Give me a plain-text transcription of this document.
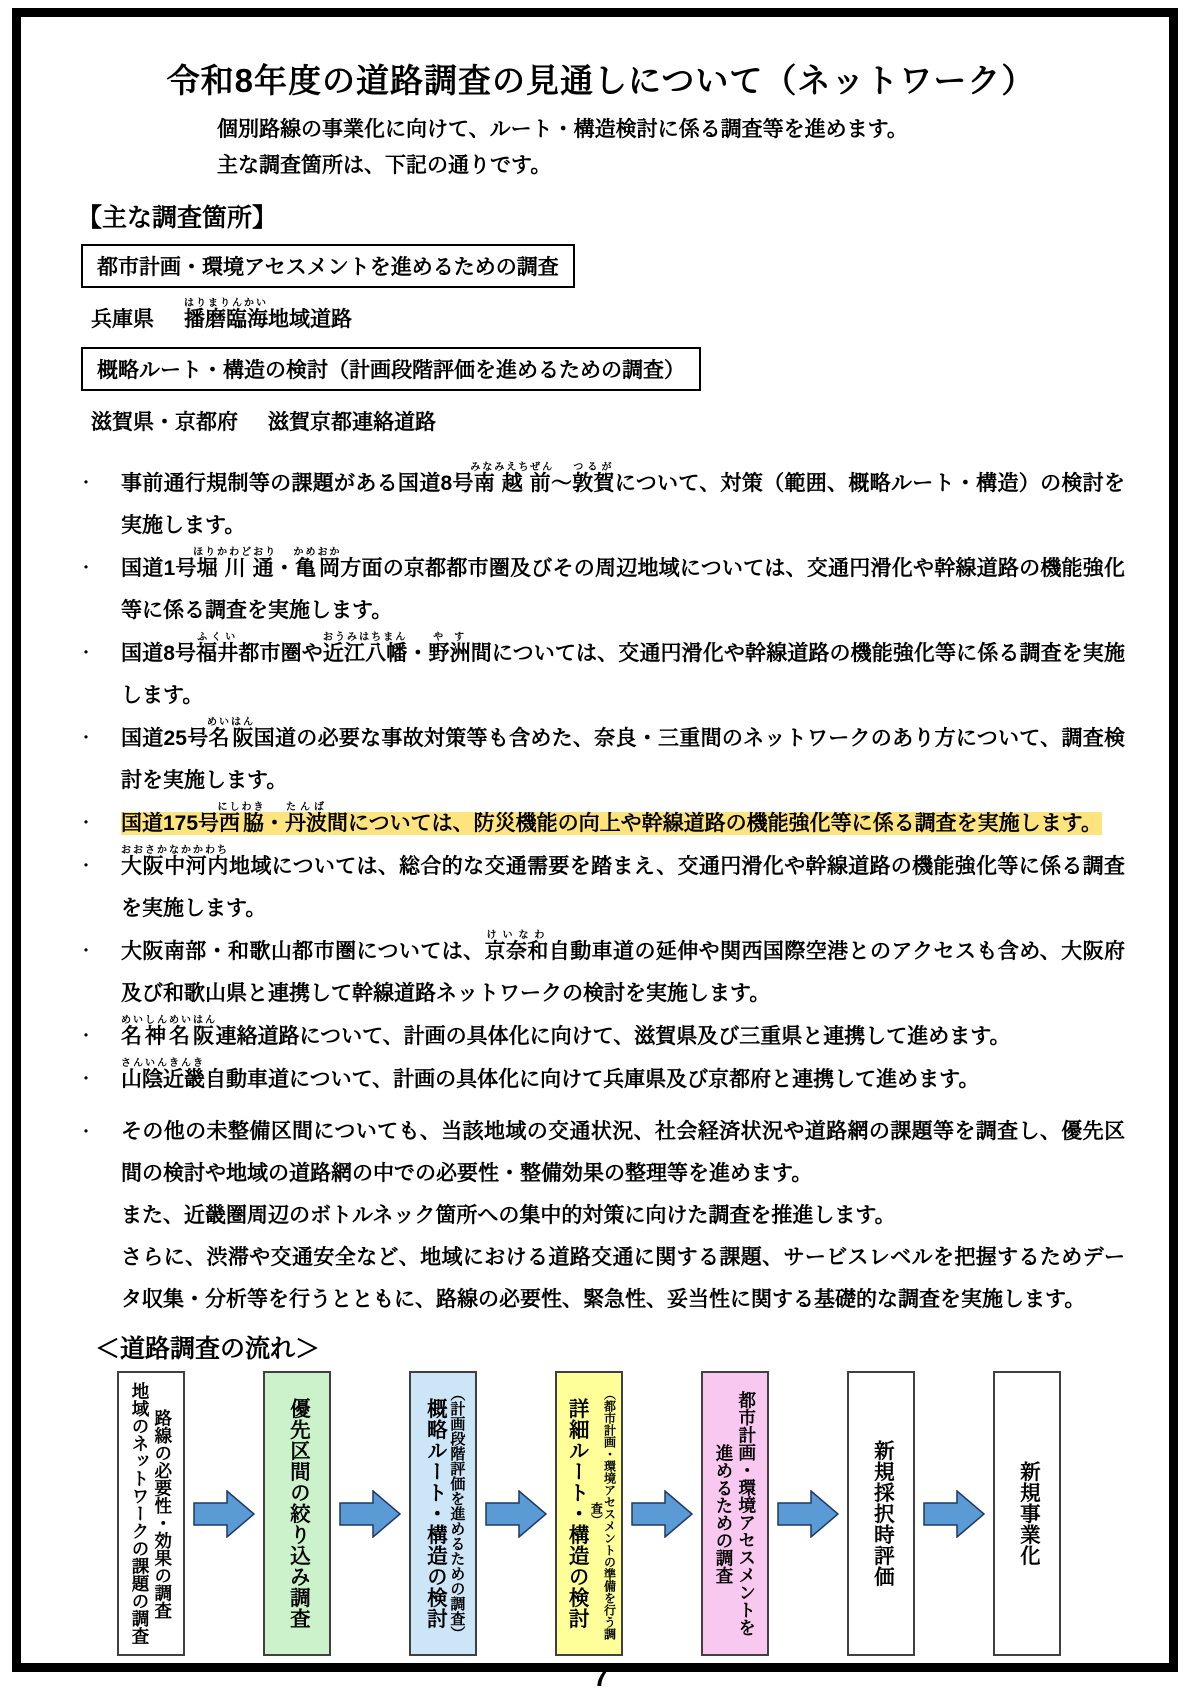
令和8年度の道路調査の見通しについて（ネットワーク）
個別路線の事業化に向けて、ルート・構造検討に係る調査等を進めます。
主な調査箇所は、下記の通りです。
【主な調査箇所】
都市計画・環境アセスメントを進めるための調査
兵庫県 播磨臨海はりまりんかい地域道路
概略ルート・構造の検討（計画段階評価を進めるための調査）
滋賀県・京都府 滋賀京都連絡道路
・	事前通行規制等の課題がある国道8号南越前みなみえちぜん～敦賀つるがについて、対策（範囲、概略ルート・構造）の検討を実施します。

・	国道1号堀川通ほりかわどおり・亀岡かめおか方面の京都都市圏及びその周辺地域については、交通円滑化や幹線道路の機能強化等に係る調査を実施します。

・	国道8号福井ふくい都市圏や近江八幡おうみはちまん・野洲やす間については、交通円滑化や幹線道路の機能強化等に係る調査を実施します。

・	国道25号名阪めいはん国道の必要な事故対策等も含めた、奈良・三重間のネットワークのあり方について、調査検討を実施します。

・	国道175号西脇にしわき・丹波たんば間については、防災機能の向上や幹線道路の機能強化等に係る調査を実施します。

・	大阪中河内おおさかなかかわち地域については、総合的な交通需要を踏まえ、交通円滑化や幹線道路の機能強化等に係る調査を実施します。

・	大阪南部・和歌山都市圏については、京奈和けいなわ自動車道の延伸や関西国際空港とのアクセスも含め、大阪府及び和歌山県と連携して幹線道路ネットワークの検討を実施します。

・	名神名阪めいしんめいはん連絡道路について、計画の具体化に向けて、滋賀県及び三重県と連携して進めます。

・	山陰近畿さんいんきんき自動車道について、計画の具体化に向けて兵庫県及び京都府と連携して進めます。

・	その他の未整備区間についても、当該地域の交通状況、社会経済状況や道路網の課題等を調査し、優先区間の検討や地域の道路網の中での必要性・整備効果の整理等を進めます。

また、近畿圏周辺のボトルネック箇所への集中的対策に向けた調査を推進します。

さらに、渋滞や交通安全など、地域における道路交通に関する課題、サービスレベルを把握するためデータ収集・分析等を行うとともに、路線の必要性、緊急性、妥当性に関する基礎的な調査を実施します。

＜道路調査の流れ＞
路線の必要性・効果の調査
地域のネットワークの課題の調査	優先区間の絞り込み調査	（計画段階評価を進めるための調査）
概略ルート・構造の検討	（都市計画・環境アセスメントの準備を行う調査）
詳細ルート・構造の検討	都市計画・環境アセスメントを
進めるための調査	新規採択時評価	新規事業化
7
